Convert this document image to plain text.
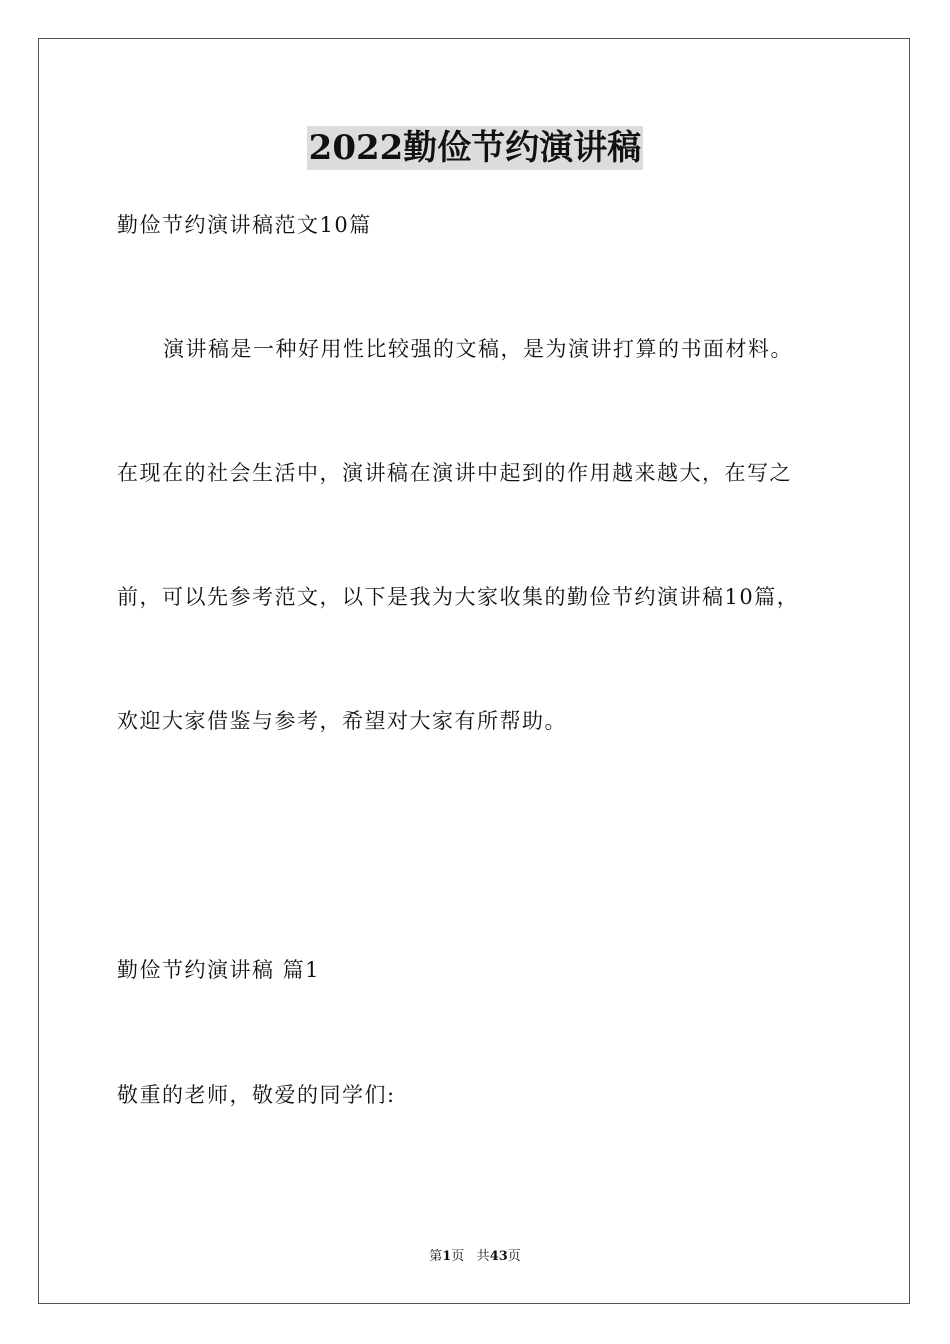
2022勤俭节约演讲稿
勤俭节约演讲稿范文10篇
演讲稿是一种好用性比较强的文稿，是为演讲打算的书面材料。
在现在的社会生活中，演讲稿在演讲中起到的作用越来越大，在写之
前，可以先参考范文，以下是我为大家收集的勤俭节约演讲稿10篇，
欢迎大家借鉴与参考，希望对大家有所帮助。
勤俭节约演讲稿 篇1
敬重的老师，敬爱的同学们:
第1页 共43页
